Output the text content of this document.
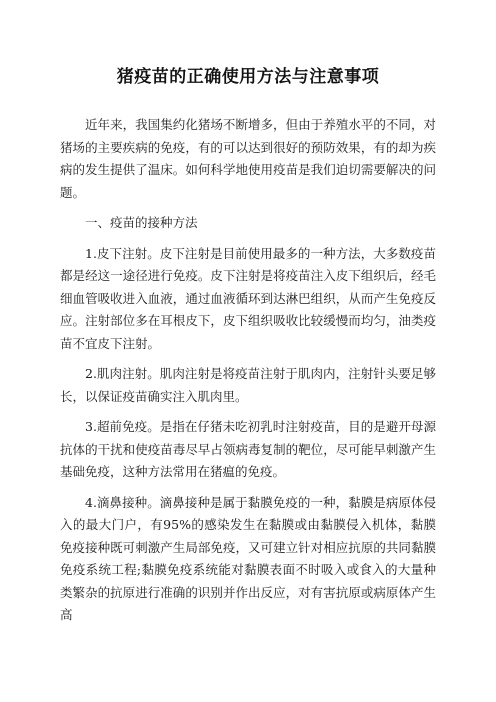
猪疫苗的正确使用方法与注意事项

近年来，我国集约化猪场不断增多，但由于养殖水平的不同，对猪场的主要疾病的免疫，有的可以达到很好的预防效果，有的却为疾病的发生提供了温床。如何科学地使用疫苗是我们迫切需要解决的问题。

一、疫苗的接种方法

1.皮下注射。皮下注射是目前使用最多的一种方法，大多数疫苗都是经这一途径进行免疫。皮下注射是将疫苗注入皮下组织后，经毛细血管吸收进入血液，通过血液循环到达淋巴组织，从而产生免疫反应。注射部位多在耳根皮下，皮下组织吸收比较缓慢而均匀，油类疫苗不宜皮下注射。

2.肌肉注射。肌肉注射是将疫苗注射于肌肉内，注射针头要足够长，以保证疫苗确实注入肌肉里。

3.超前免疫。是指在仔猪未吃初乳时注射疫苗，目的是避开母源抗体的干扰和使疫苗毒尽早占领病毒复制的靶位，尽可能早刺激产生基础免疫，这种方法常用在猪瘟的免疫。

4.滴鼻接种。滴鼻接种是属于黏膜免疫的一种，黏膜是病原体侵入的最大门户，有95%的感染发生在黏膜或由黏膜侵入机体，黏膜免疫接种既可刺激产生局部免疫，又可建立针对相应抗原的共同黏膜免疫系统工程;黏膜免疫系统能对黏膜表面不时吸入或食入的大量种类繁杂的抗原进行准确的识别并作出反应，对有害抗原或病原体产生高
